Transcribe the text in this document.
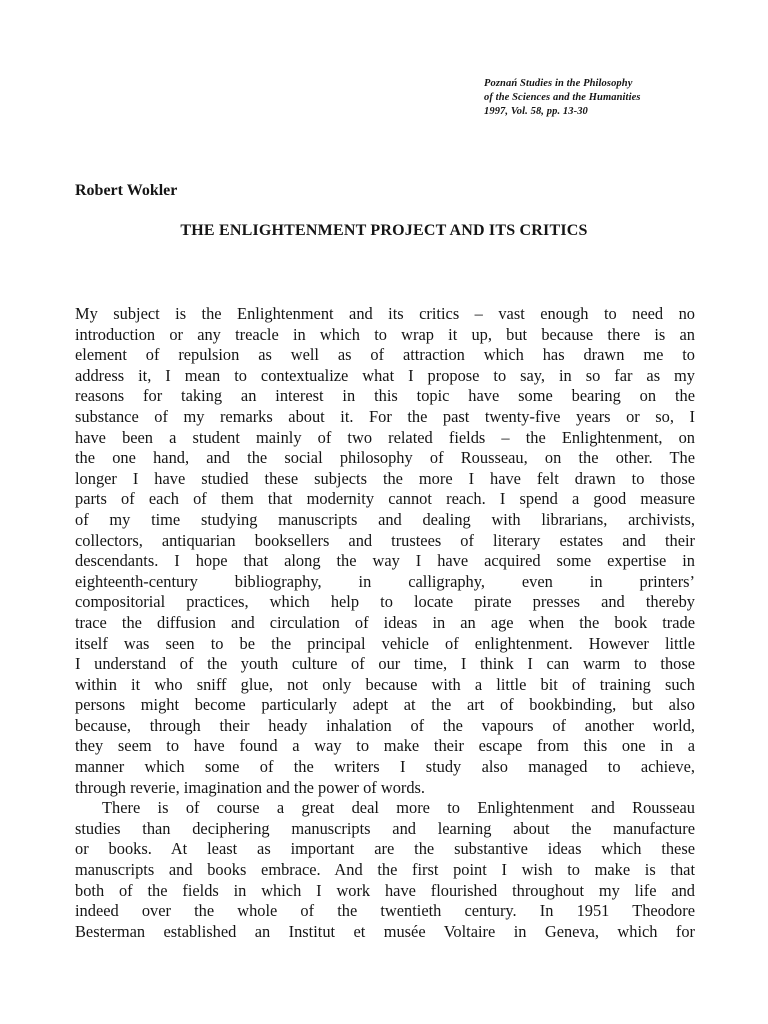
Poznań Studies in the Philosophy
of the Sciences and the Humanities
1997, Vol. 58, pp. 13-30
Robert Wokler
THE ENLIGHTENMENT PROJECT AND ITS CRITICS
My subject is the Enlightenment and its critics – vast enough to need no
introduction or any treacle in which to wrap it up, but because there is an
element of repulsion as well as of attraction which has drawn me to
address it, I mean to contextualize what I propose to say, in so far as my
reasons for taking an interest in this topic have some bearing on the
substance of my remarks about it. For the past twenty-five years or so, I
have been a student mainly of two related fields – the Enlightenment, on
the one hand, and the social philosophy of Rousseau, on the other. The
longer I have studied these subjects the more I have felt drawn to those
parts of each of them that modernity cannot reach. I spend a good measure
of my time studying manuscripts and dealing with librarians, archivists,
collectors, antiquarian booksellers and trustees of literary estates and their
descendants. I hope that along the way I have acquired some expertise in
eighteenth-century bibliography, in calligraphy, even in printers’
compositorial practices, which help to locate pirate presses and thereby
trace the diffusion and circulation of ideas in an age when the book trade
itself was seen to be the principal vehicle of enlightenment. However little
I understand of the youth culture of our time, I think I can warm to those
within it who sniff glue, not only because with a little bit of training such
persons might become particularly adept at the art of bookbinding, but also
because, through their heady inhalation of the vapours of another world,
they seem to have found a way to make their escape from this one in a
manner which some of the writers I study also managed to achieve,
through reverie, imagination and the power of words.
There is of course a great deal more to Enlightenment and Rousseau
studies than deciphering manuscripts and learning about the manufacture
or books. At least as important are the substantive ideas which these
manuscripts and books embrace. And the first point I wish to make is that
both of the fields in which I work have flourished throughout my life and
indeed over the whole of the twentieth century. In 1951 Theodore
Besterman established an Institut et musée Voltaire in Geneva, which for
